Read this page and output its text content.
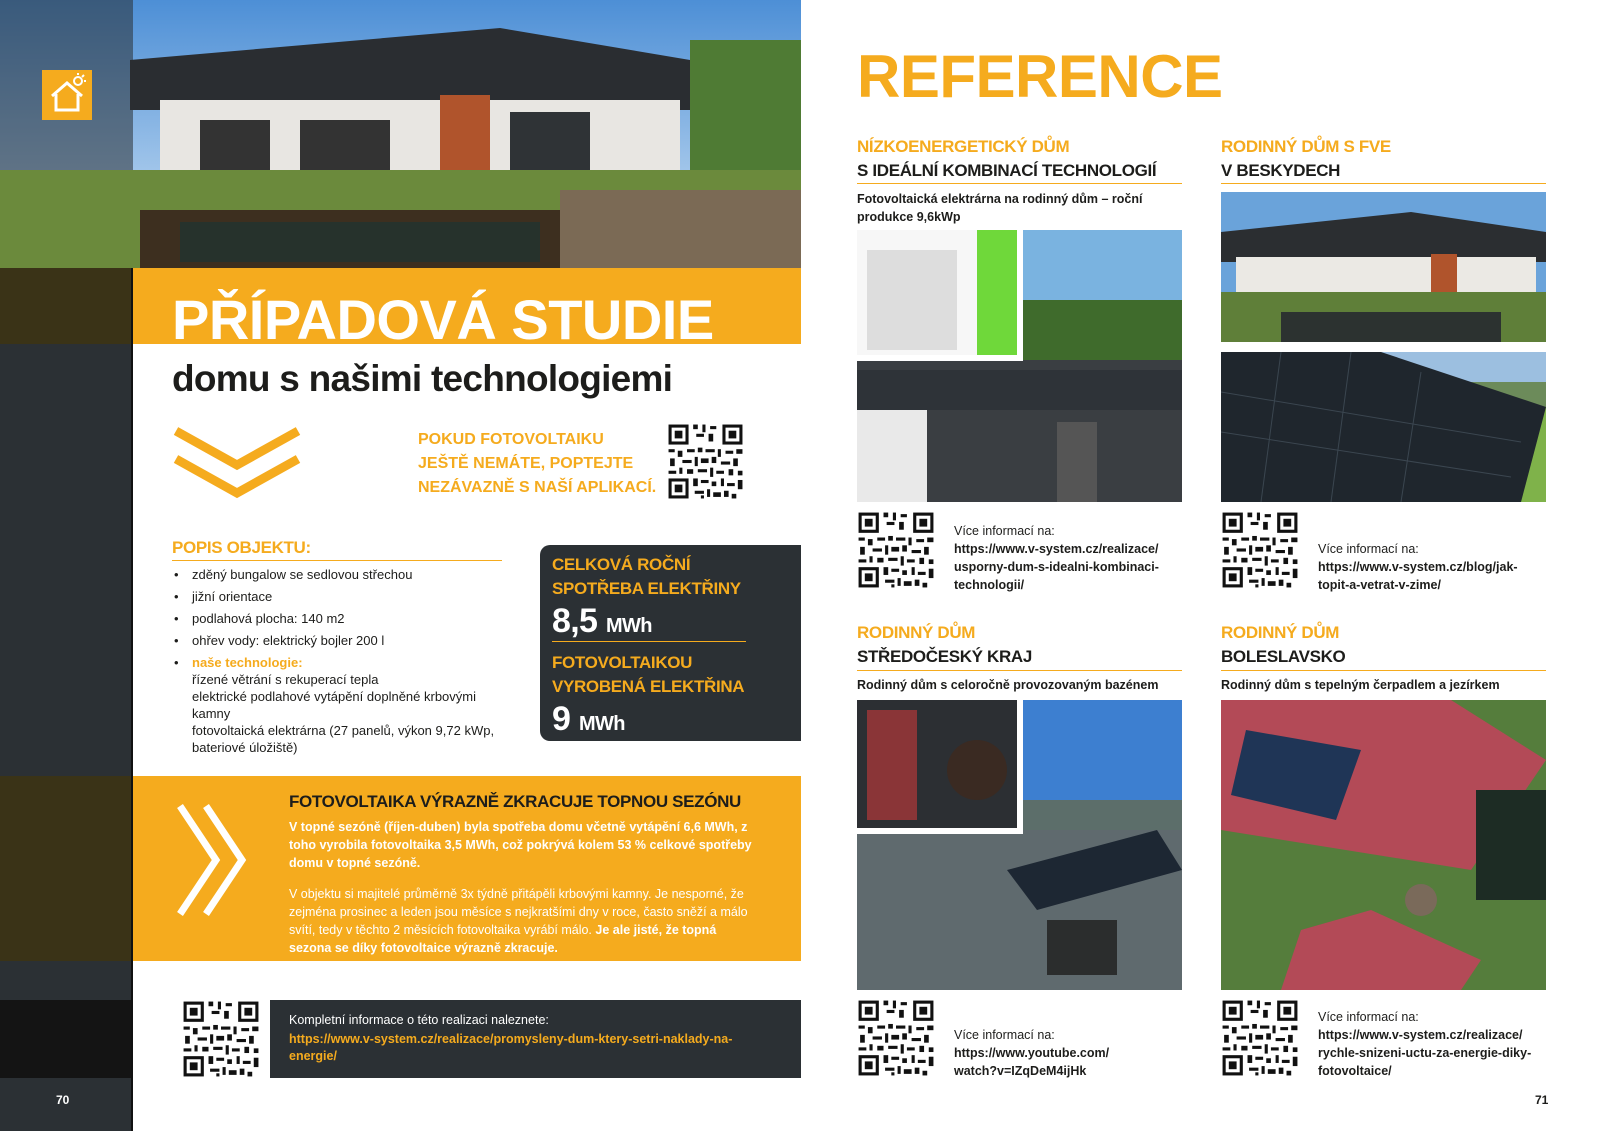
PŘÍPADOVÁ STUDIE
domu s našimi technologiemi
POKUD FOTOVOLTAIKU
JEŠTĚ NEMÁTE, POPTEJTE
NEZÁVAZNĚ S NAŠÍ APLIKACÍ.
POPIS OBJEKTU:
• zděný bungalow se sedlovou střechou
• jižní orientace
• podlahová plocha: 140 m2
• ohřev vody: elektrický bojler 200 l
• naše technologie:
řízené větrání s rekuperací tepla
elektrické podlahové vytápění doplněné krbovými kamny
fotovoltaická elektrárna (27 panelů, výkon 9,72 kWp,
bateriové úložiště)
CELKOVÁ ROČNÍ
SPOTŘEBA ELEKTŘINY
8,5 MWh
FOTOVOLTAIKOU
VYROBENÁ ELEKTŘINA
9 MWh
FOTOVOLTAIKA VÝRAZNĚ ZKRACUJE TOPNOU SEZÓNU
V topné sezóně (říjen-duben) byla spotřeba domu včetně vytápění 6,6 MWh, z toho vyrobila fotovoltaika 3,5 MWh, což pokrývá kolem 53 % celkové spotřeby domu v topné sezóně.
V objektu si majitelé průměrně 3x týdně přitápěli krbovými kamny. Je nesporné, že zejména prosinec a leden jsou měsíce s nejkratšími dny v roce, často sněží a málo svítí, tedy v těchto 2 měsících fotovoltaika vyrábí málo. Je ale jisté, že topná sezona se díky fotovoltaice výrazně zkracuje.
Kompletní informace o této realizaci naleznete:
https://www.v-system.cz/realizace/promysleny-dum-ktery-setri-naklady-na-energie/
70
REFERENCE
NÍZKOENERGETICKÝ DŮM
S IDEÁLNÍ KOMBINACÍ TECHNOLOGIÍ
Fotovoltaická elektrárna na rodinný dům – roční produkce 9,6kWp
Více informací na:
https://www.v-system.cz/realizace/
usporny-dum-s-idealni-kombinaci-
technologii/
RODINNÝ DŮM S FVE
V BESKYDECH
Více informací na:
https://www.v-system.cz/blog/jak-
topit-a-vetrat-v-zime/
RODINNÝ DŮM
STŘEDOČESKÝ KRAJ
Rodinný dům s celoročně provozovaným bazénem
Více informací na:
https://www.youtube.com/
watch?v=IZqDeM4ijHk
RODINNÝ DŮM
BOLESLAVSKO
Rodinný dům s tepelným čerpadlem a jezírkem
Více informací na:
https://www.v-system.cz/realizace/
rychle-snizeni-uctu-za-energie-diky-
fotovoltaice/
71
